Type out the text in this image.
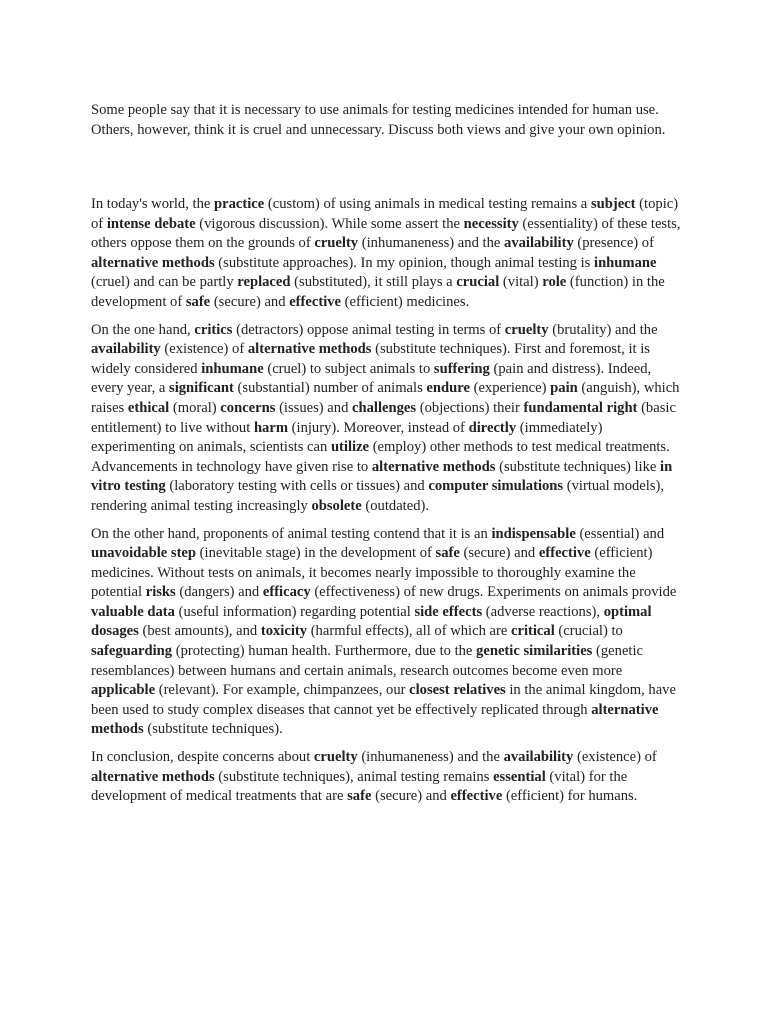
Some people say that it is necessary to use animals for testing medicines intended for human use. Others, however, think it is cruel and unnecessary. Discuss both views and give your own opinion.

In today's world, the practice (custom) of using animals in medical testing remains a subject (topic) of intense debate (vigorous discussion). While some assert the necessity (essentiality) of these tests, others oppose them on the grounds of cruelty (inhumaneness) and the availability (presence) of alternative methods (substitute approaches). In my opinion, though animal testing is inhumane (cruel) and can be partly replaced (substituted), it still plays a crucial (vital) role (function) in the development of safe (secure) and effective (efficient) medicines.

On the one hand, critics (detractors) oppose animal testing in terms of cruelty (brutality) and the availability (existence) of alternative methods (substitute techniques). First and foremost, it is widely considered inhumane (cruel) to subject animals to suffering (pain and distress). Indeed, every year, a significant (substantial) number of animals endure (experience) pain (anguish), which raises ethical (moral) concerns (issues) and challenges (objections) their fundamental right (basic entitlement) to live without harm (injury). Moreover, instead of directly (immediately) experimenting on animals, scientists can utilize (employ) other methods to test medical treatments. Advancements in technology have given rise to alternative methods (substitute techniques) like in vitro testing (laboratory testing with cells or tissues) and computer simulations (virtual models), rendering animal testing increasingly obsolete (outdated).

On the other hand, proponents of animal testing contend that it is an indispensable (essential) and unavoidable step (inevitable stage) in the development of safe (secure) and effective (efficient) medicines. Without tests on animals, it becomes nearly impossible to thoroughly examine the potential risks (dangers) and efficacy (effectiveness) of new drugs. Experiments on animals provide valuable data (useful information) regarding potential side effects (adverse reactions), optimal dosages (best amounts), and toxicity (harmful effects), all of which are critical (crucial) to safeguarding (protecting) human health. Furthermore, due to the genetic similarities (genetic resemblances) between humans and certain animals, research outcomes become even more applicable (relevant). For example, chimpanzees, our closest relatives in the animal kingdom, have been used to study complex diseases that cannot yet be effectively replicated through alternative methods (substitute techniques).

In conclusion, despite concerns about cruelty (inhumaneness) and the availability (existence) of alternative methods (substitute techniques), animal testing remains essential (vital) for the development of medical treatments that are safe (secure) and effective (efficient) for humans.
